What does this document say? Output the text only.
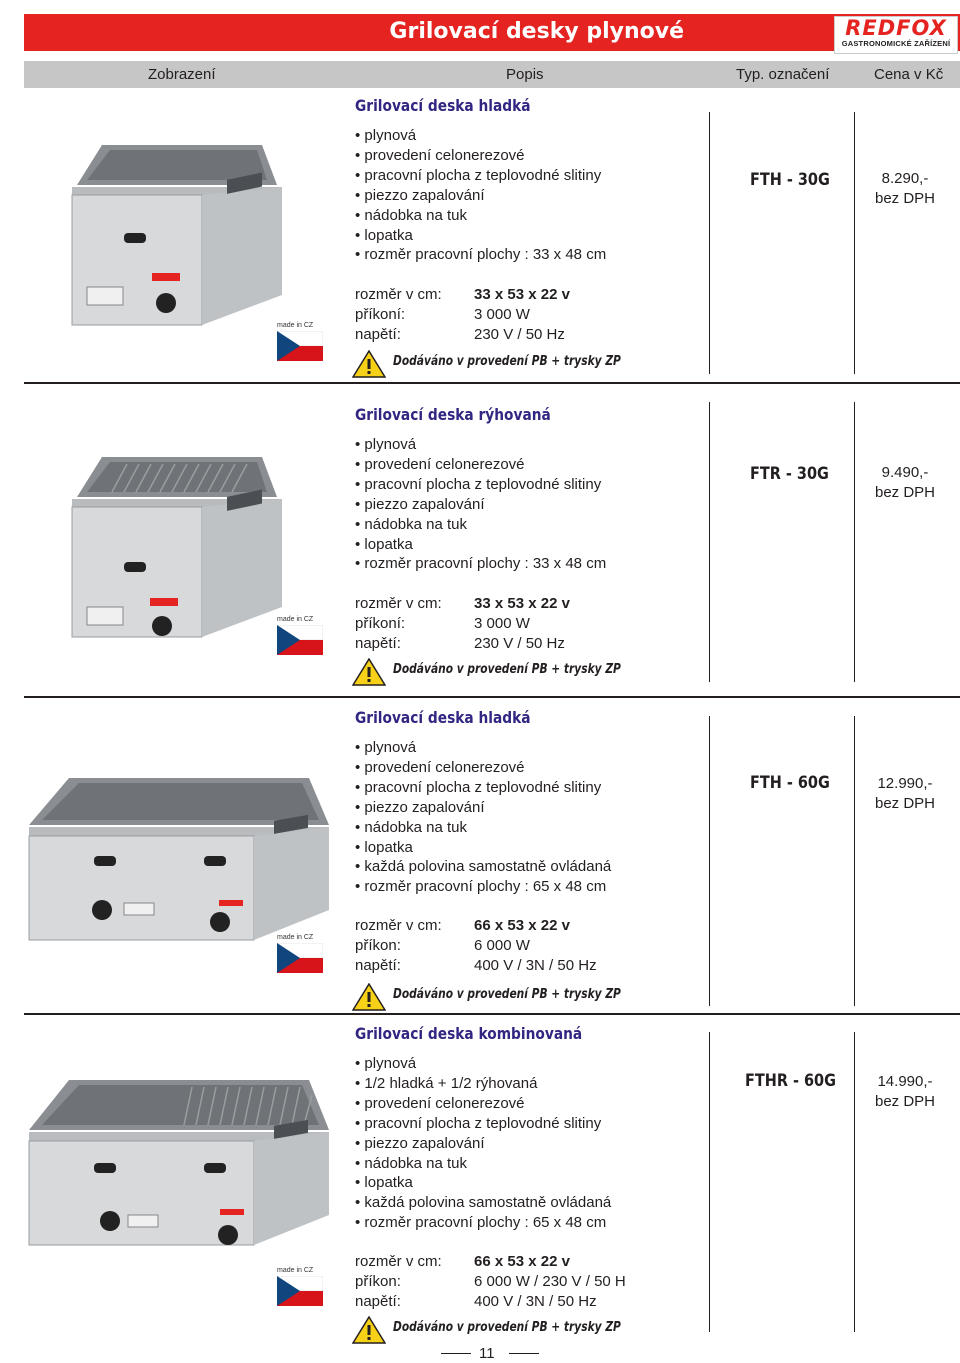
Grilovací desky plynové	REDFOX
GASTRONOMICKÉ ZAŘÍZENÍ
Zobrazení	Popis	Typ. označení	Cena v Kč
made in CZ
Grilovací deska hladká
• plynová
• provedení celonerezové
• pracovní plocha z teplovodné slitiny
• piezzo zapalování
• nádobka na tuk
• lopatka
• rozměr pracovní plochy : 33 x 48 cm
rozměr v cm: 33 x 53 x 22 v
příkoní:	3 000 W
napětí:	230 V / 50 Hz
Dodáváno v provedení PB + trysky ZP
FTH - 30G	8.290,-
bez DPH
made in CZ
Grilovací deska rýhovaná
• plynová
• provedení celonerezové
• pracovní plocha z teplovodné slitiny
• piezzo zapalování
• nádobka na tuk
• lopatka
• rozměr pracovní plochy : 33 x 48 cm
rozměr v cm: 33 x 53 x 22 v
příkoní:	3 000 W
napětí:	230 V / 50 Hz
Dodáváno v provedení PB + trysky ZP
FTR - 30G	9.490,-
bez DPH
made in CZ
Grilovací deska hladká
• plynová
• provedení celonerezové
• pracovní plocha z teplovodné slitiny
• piezzo zapalování
• nádobka na tuk
• lopatka
• každá polovina samostatně ovládaná
• rozměr pracovní plochy : 65 x 48 cm
rozměr v cm: 66 x 53 x 22 v
příkon:	6 000 W
napětí:	400 V / 3N / 50 Hz
Dodáváno v provedení PB + trysky ZP
FTH - 60G	12.990,-
bez DPH
made in CZ
Grilovací deska kombinovaná
• plynová
• 1/2 hladká + 1/2 rýhovaná
• provedení celonerezové
• pracovní plocha z teplovodné slitiny
• piezzo zapalování
• nádobka na tuk
• lopatka
• každá polovina samostatně ovládaná
• rozměr pracovní plochy : 65 x 48 cm
rozměr v cm: 66 x 53 x 22 v
příkon:	6 000 W / 230 V / 50 H
napětí:	400 V / 3N / 50 Hz
Dodáváno v provedení PB + trysky ZP
FTHR - 60G	14.990,-
bez DPH
11
